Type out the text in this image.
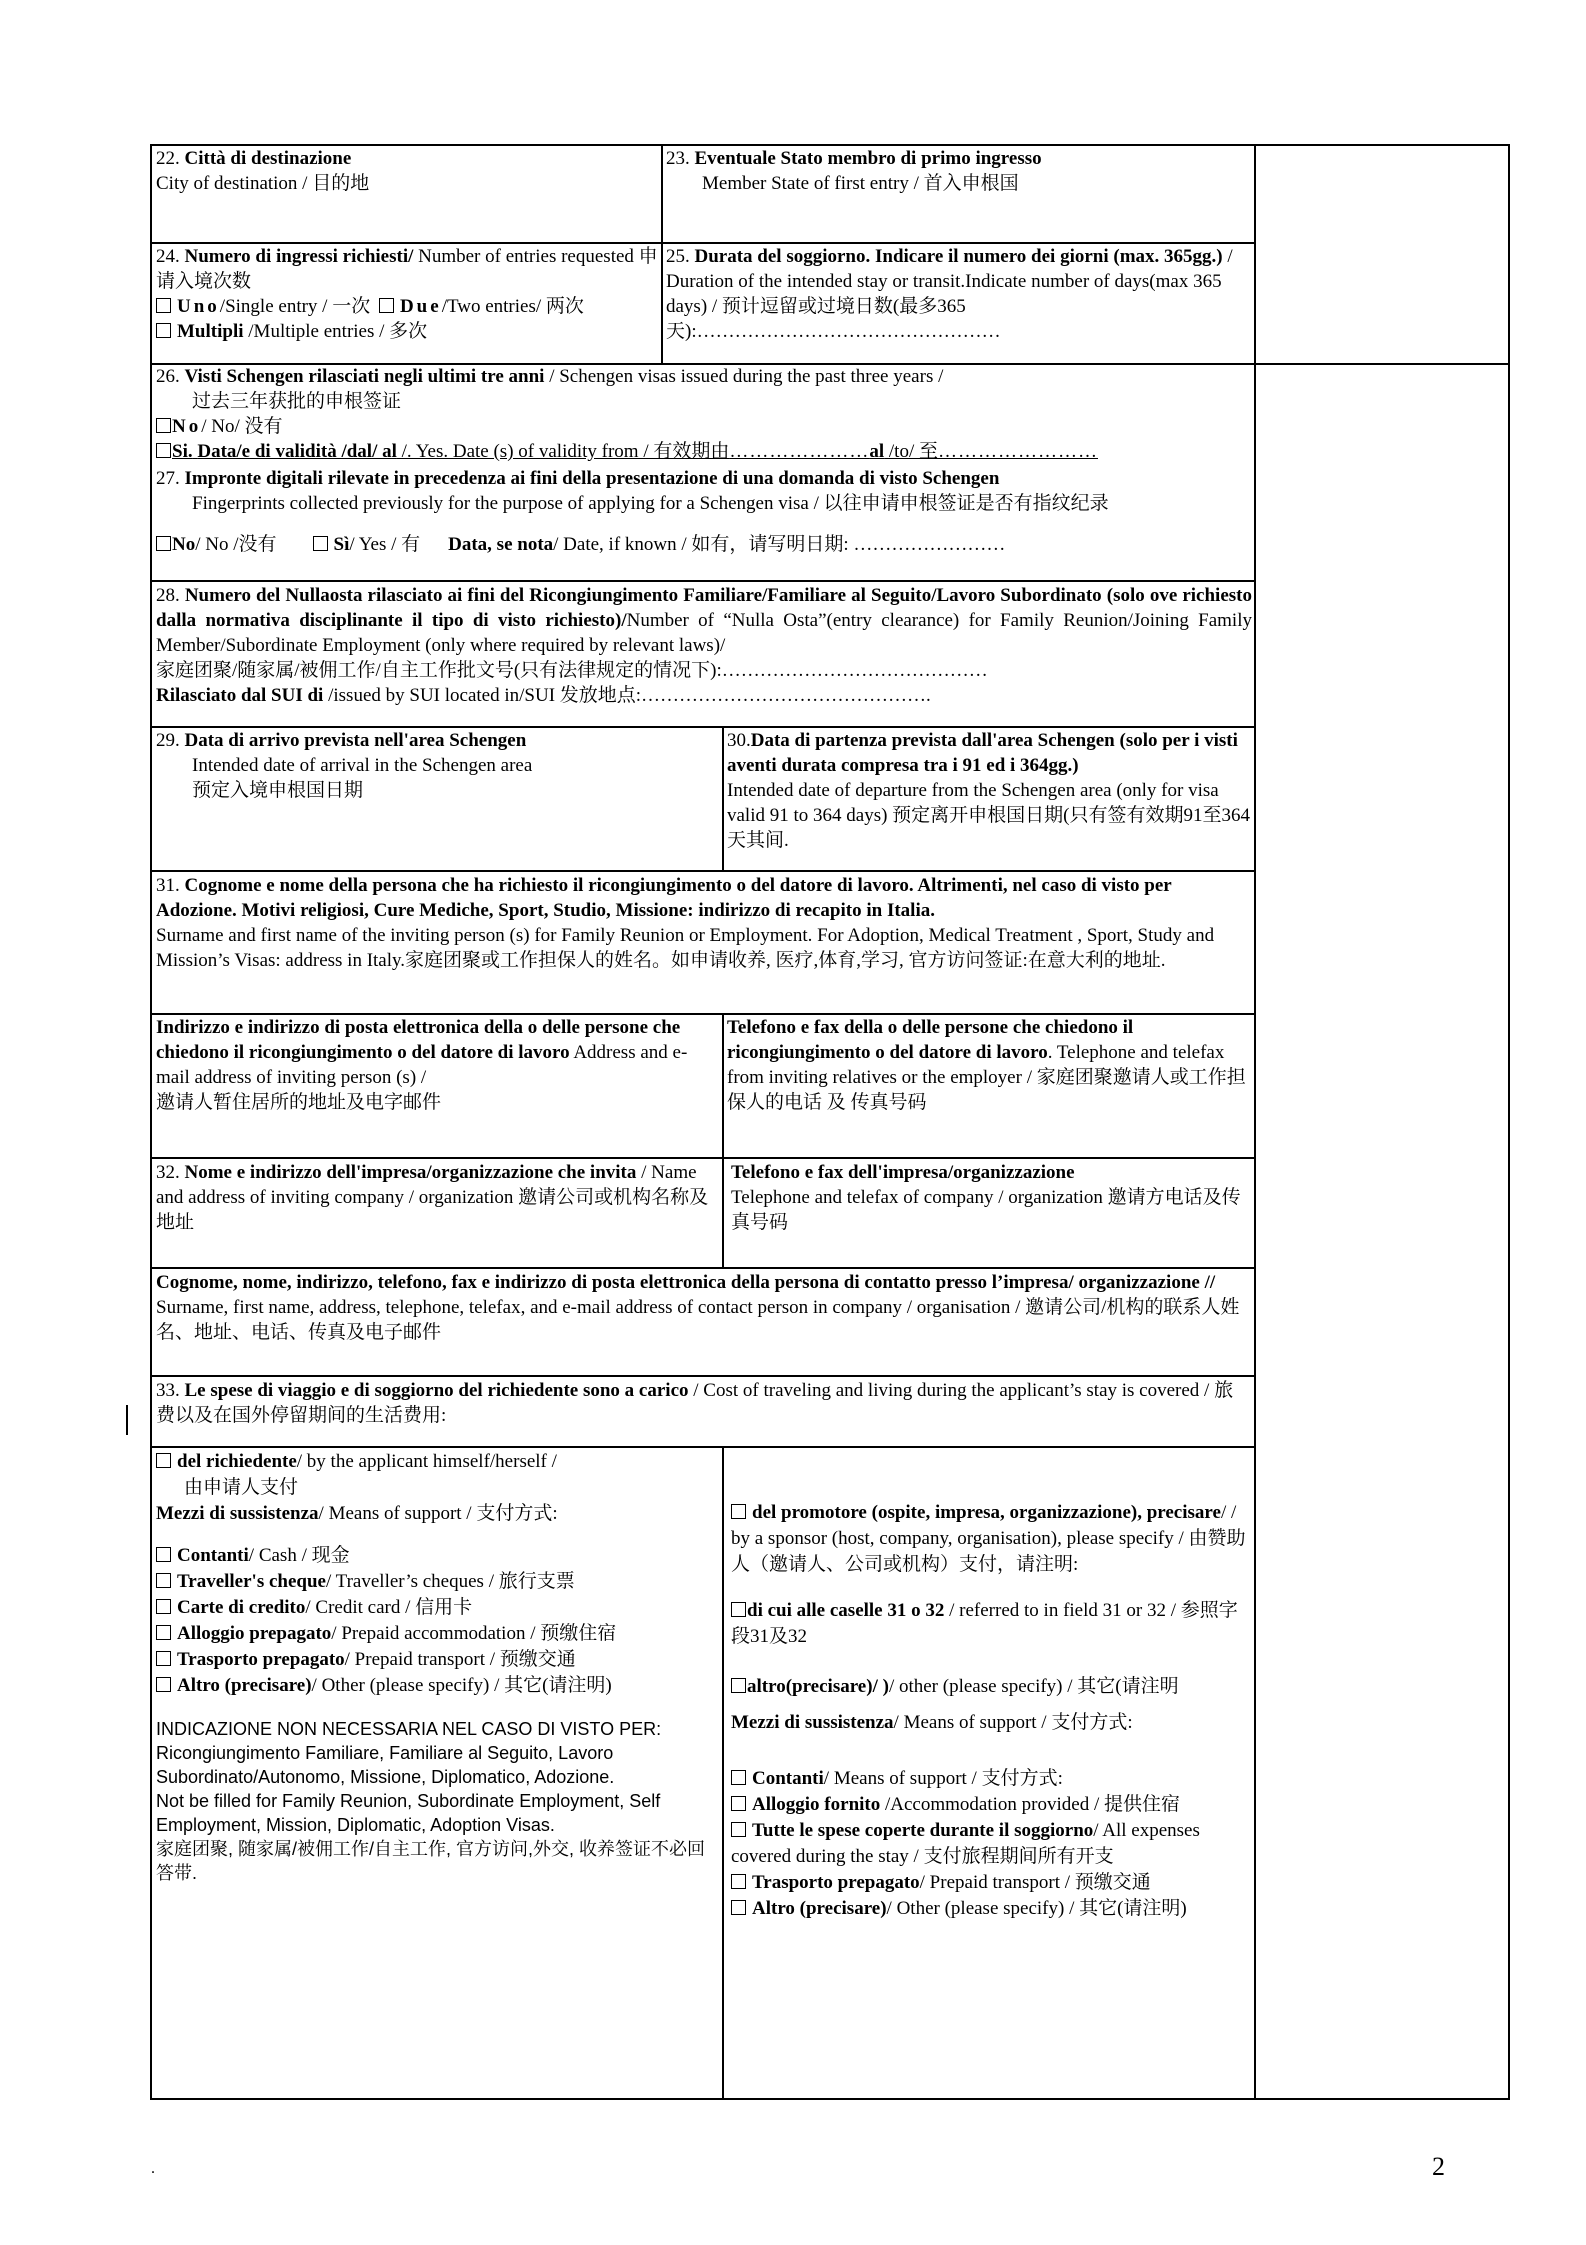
22. Città di destinazione

City of destination / 目的地

23. Eventuale Stato membro di primo ingresso

Member State of first entry / 首入申根国

24. Numero di ingressi richiesti/ Number of entries requested 申请入境次数

Uno/Single entry / 一次 Due/Two entries/ 两次

Multipli /Multiple entries / 多次

25. Durata del soggiorno. Indicare il numero dei giorni (max. 365gg.) / Duration of the intended stay or transit.Indicate number of days(max 365 days) / 预计逗留或过境日数(最多365天):…………………………………………

26. Visti Schengen rilasciati negli ultimi tre anni / Schengen visas issued during the past three years /

过去三年获批的申根签证

No/ No/ 没有

Si. Data/e di validità /dal/ al /. Yes. Date (s) of validity from / 有效期由…………………al /to/ 至……………………

27. Impronte digitali rilevate in precedenza ai fini della presentazione di una domanda di visto Schengen

Fingerprints collected previously for the purpose of applying for a Schengen visa / 以往申请申根签证是否有指纹纪录

No/ No /没有	Sì/ Yes / 有 Data, se nota/ Date, if known / 如有，请写明日期: ……………………

28. Numero del Nullaosta rilasciato ai fini del Ricongiungimento Familiare/Familiare al Seguito/Lavoro Subordinato (solo ove richiesto dalla normativa disciplinante il tipo di visto richiesto)/Number of “Nulla Osta”(entry clearance) for Family Reunion/Joining Family Member/Subordinate Employment (only where required by relevant laws)/

家庭团聚/随家属/被佣工作/自主工作批文号(只有法律规定的情况下):……………………………………

Rilasciato dal SUI di /issued by SUI located in/SUI 发放地点:……………………………………….

29. Data di arrivo prevista nell'area Schengen

Intended date of arrival in the Schengen area

预定入境申根国日期

30.Data di partenza prevista dall'area Schengen (solo per i visti aventi durata compresa tra i 91 ed i 364gg.)

Intended date of departure from the Schengen area (only for visa valid 91 to 364 days) 预定离开申根国日期(只有签有效期91至364天其间.

31. Cognome e nome della persona che ha richiesto il ricongiungimento o del datore di lavoro. Altrimenti, nel caso di visto per Adozione. Motivi religiosi, Cure Mediche, Sport, Studio, Missione: indirizzo di recapito in Italia.

Surname and first name of the inviting person (s) for Family Reunion or Employment. For Adoption, Medical Treatment , Sport, Study and Mission’s Visas: address in Italy.家庭团聚或工作担保人的姓名。如申请收养, 医疗,体育,学习, 官方访问签证:在意大利的地址.

Indirizzo e indirizzo di posta elettronica della o delle persone che chiedono il ricongiungimento o del datore di lavoro Address and e-mail address of inviting person (s) /

邀请人暂住居所的地址及电字邮件

Telefono e fax della o delle persone che chiedono il ricongiungimento o del datore di lavoro. Telephone and telefax from inviting relatives or the employer / 家庭团聚邀请人或工作担保人的电话 及 传真号码

32. Nome e indirizzo dell'impresa/organizzazione che invita / Name and address of inviting company / organization 邀请公司或机构名称及地址

Telefono e fax dell'impresa/organizzazione

Telephone and telefax of company / organization 邀请方电话及传真号码

Cognome, nome, indirizzo, telefono, fax e indirizzo di posta elettronica della persona di contatto presso l’impresa/ organizzazione // Surname, first name, address, telephone, telefax, and e-mail address of contact person in company / organisation / 邀请公司/机构的联系人姓名、地址、电话、传真及电子邮件

33. Le spese di viaggio e di soggiorno del richiedente sono a carico / Cost of traveling and living during the applicant’s stay is covered / 旅费以及在国外停留期间的生活费用:

del richiedente/ by the applicant himself/herself /

由申请人支付

Mezzi di sussistenza/ Means of support / 支付方式:

Contanti/ Cash / 现金

Traveller's cheque/ Traveller’s cheques / 旅行支票

Carte di credito/ Credit card / 信用卡

Alloggio prepagato/ Prepaid accommodation / 预缴住宿

Trasporto prepagato/ Prepaid transport / 预缴交通

Altro (precisare)/ Other (please specify) / 其它(请注明)

INDICAZIONE NON NECESSARIA NEL CASO DI VISTO PER:

Ricongiungimento Familiare, Familiare al Seguito, Lavoro Subordinato/Autonomo, Missione, Diplomatico, Adozione.

Not be filled for Family Reunion, Subordinate Employment, Self Employment, Mission, Diplomatic, Adoption Visas.

家庭团聚, 随家属/被佣工作/自主工作, 官方访问,外交, 收养签证不必回答带.

del promotore (ospite, impresa, organizzazione), precisare/ / by a sponsor (host, company, organisation), please specify / 由赞助人（邀请人、公司或机构）支付，请注明:

di cui alle caselle 31 o 32 / referred to in field 31 or 32 / 参照字段31及32

altro(precisare)/ )/ other (please specify) / 其它(请注明

Mezzi di sussistenza/ Means of support / 支付方式:

Contanti/ Means of support / 支付方式:

Alloggio fornito /Accommodation provided / 提供住宿

Tutte le spese coperte durante il soggiorno/ All expenses covered during the stay / 支付旅程期间所有开支

Trasporto prepagato/ Prepaid transport / 预缴交通

Altro (precisare)/ Other (please specify) / 其它(请注明)

.	2
